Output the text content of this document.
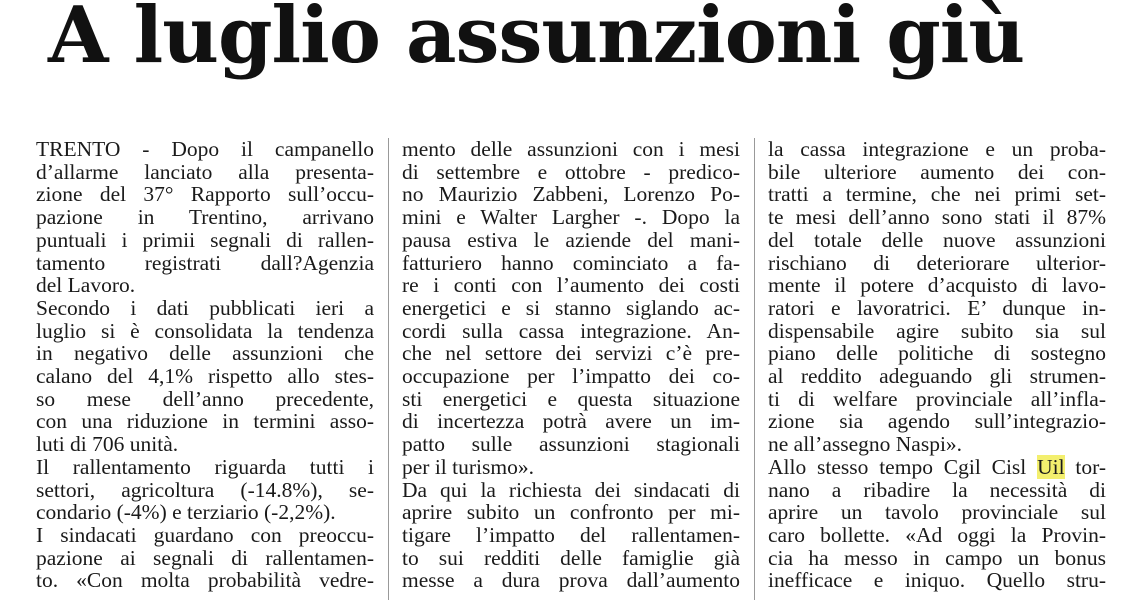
A luglio assunzioni giù
TRENTO - Dopo il campanello
d’allarme lanciato alla presenta-
zione del 37° Rapporto sull’occu-
pazione in Trentino, arrivano
puntuali i primii segnali di rallen-
tamento registrati dall?Agenzia
del Lavoro.
Secondo i dati pubblicati ieri a
luglio si è consolidata la tendenza
in negativo delle assunzioni che
calano del 4,1% rispetto allo stes-
so mese dell’anno precedente,
con una riduzione in termini asso-
luti di 706 unità.
Il rallentamento riguarda tutti i
settori, agricoltura (-14.8%), se-
condario (-4%) e terziario (-2,2%).
I sindacati guardano con preoccu-
pazione ai segnali di rallentamen-
to. «Con molta probabilità vedre-
mento delle assunzioni con i mesi
di settembre e ottobre - predico-
no Maurizio Zabbeni, Lorenzo Po-
mini e Walter Largher -. Dopo la
pausa estiva le aziende del mani-
fatturiero hanno cominciato a fa-
re i conti con l’aumento dei costi
energetici e si stanno siglando ac-
cordi sulla cassa integrazione. An-
che nel settore dei servizi c’è pre-
occupazione per l’impatto dei co-
sti energetici e questa situazione
di incertezza potrà avere un im-
patto sulle assunzioni stagionali
per il turismo».
Da qui la richiesta dei sindacati di
aprire subito un confronto per mi-
tigare l’impatto del rallentamen-
to sui redditi delle famiglie già
messe a dura prova dall’aumento
la cassa integrazione e un proba-
bile ulteriore aumento dei con-
tratti a termine, che nei primi set-
te mesi dell’anno sono stati il 87%
del totale delle nuove assunzioni
rischiano di deteriorare ulterior-
mente il potere d’acquisto di lavo-
ratori e lavoratrici. E’ dunque in-
dispensabile agire subito sia sul
piano delle politiche di sostegno
al reddito adeguando gli strumen-
ti di welfare provinciale all’infla-
zione sia agendo sull’integrazio-
ne all’assegno Naspi».
Allo stesso tempo Cgil Cisl Uil tor-
nano a ribadire la necessità di
aprire un tavolo provinciale sul
caro bollette. «Ad oggi la Provin-
cia ha messo in campo un bonus
inefficace e iniquo. Quello stru-
